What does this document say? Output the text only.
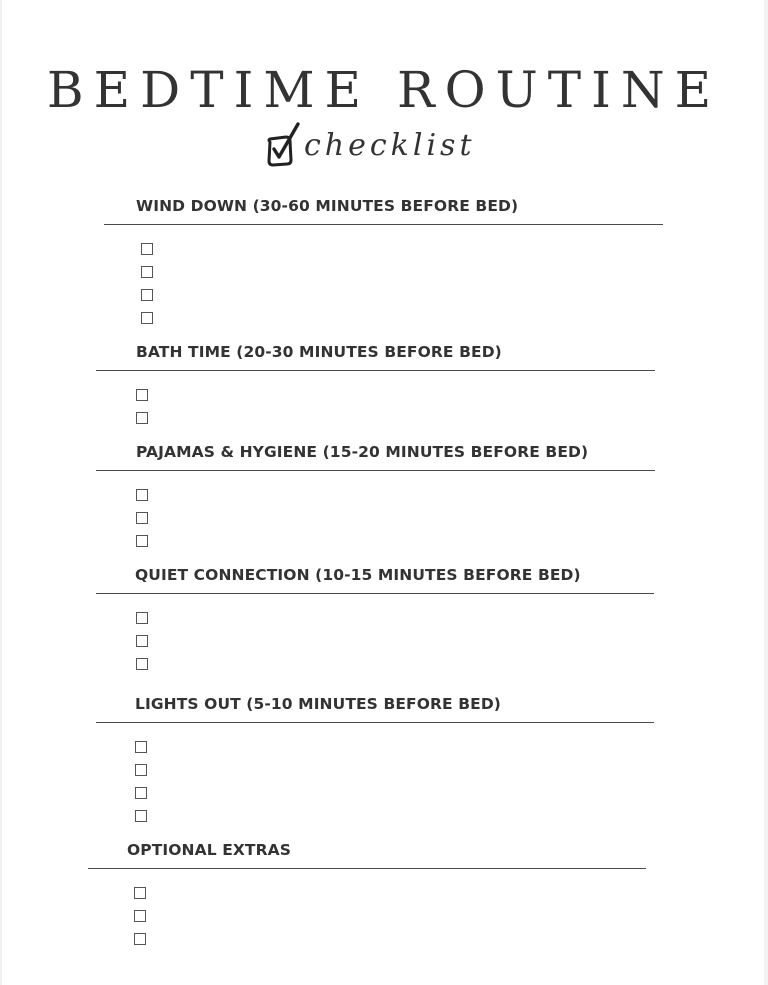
BEDTIME ROUTINE
checklist
WIND DOWN (30-60 MINUTES BEFORE BED)
BATH TIME (20-30 MINUTES BEFORE BED)
PAJAMAS & HYGIENE (15-20 MINUTES BEFORE BED)
QUIET CONNECTION (10-15 MINUTES BEFORE BED)
LIGHTS OUT (5-10 MINUTES BEFORE BED)
OPTIONAL EXTRAS
